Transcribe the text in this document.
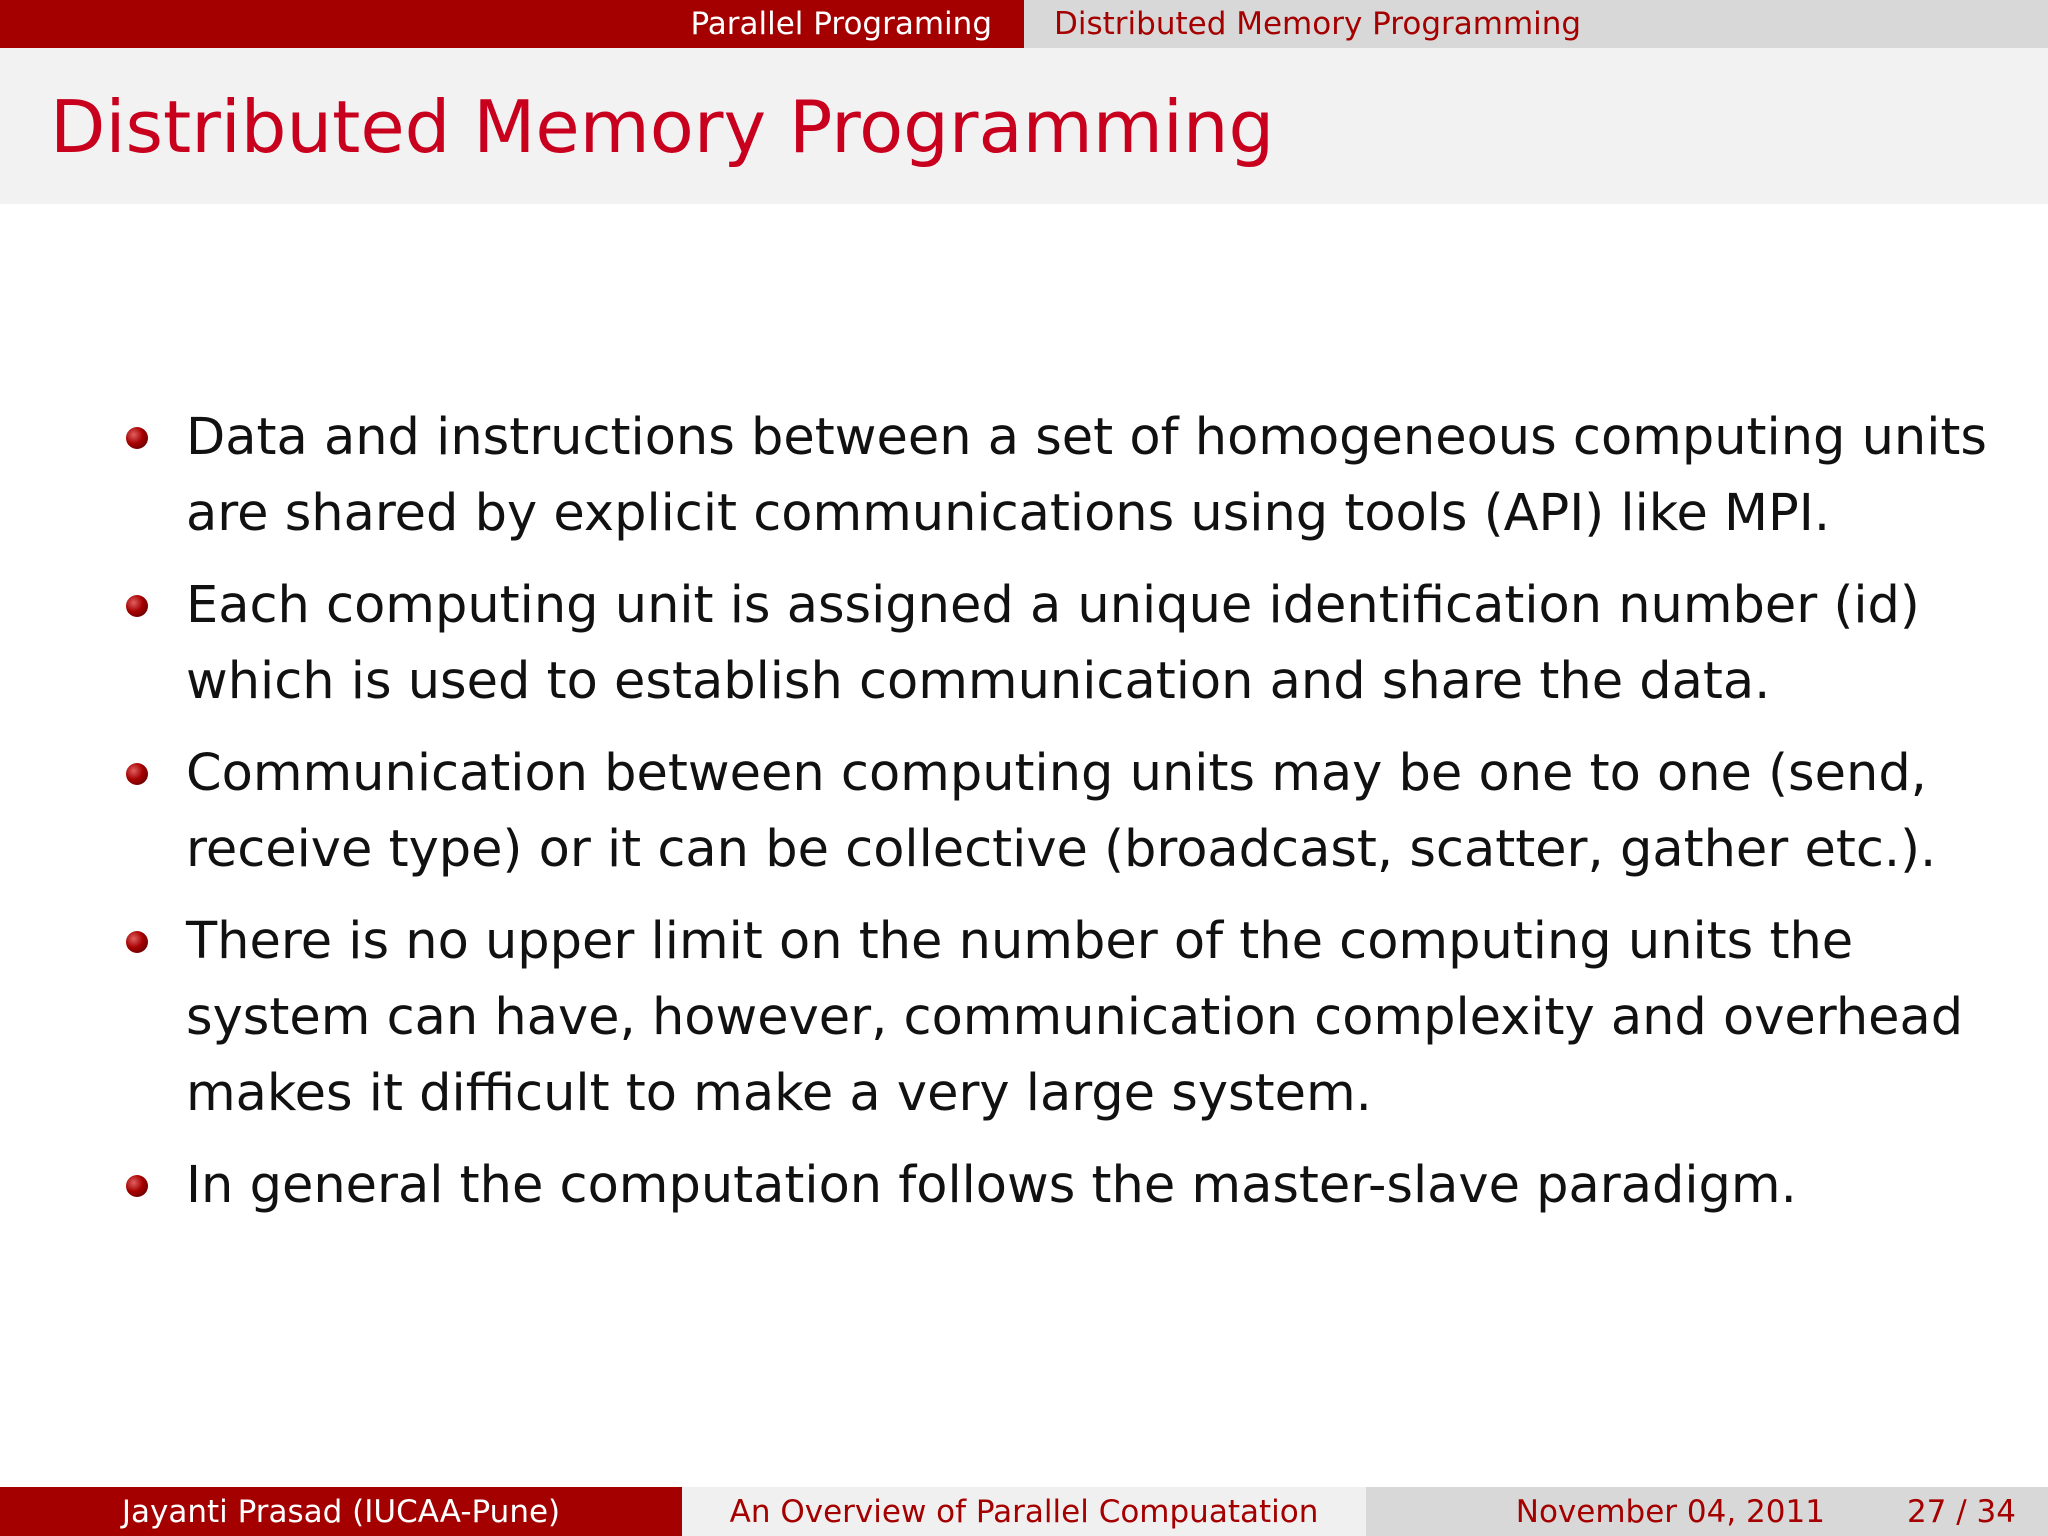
Parallel Programing Distributed Memory Programming
Distributed Memory Programming
Data and instructions between a set of homogeneous computing units are shared by explicit communications using tools (API) like MPI.
Each computing unit is assigned a unique identification number (id) which is used to establish communication and share the data.
Communication between computing units may be one to one (send, receive type) or it can be collective (broadcast, scatter, gather etc.).
There is no upper limit on the number of the computing units the system can have, however, communication complexity and overhead makes it difficult to make a very large system.
In general the computation follows the master-slave paradigm.
Jayanti Prasad (IUCAA-Pune)	An Overview of Parallel Compuatation	November 04, 2011	27 / 34
